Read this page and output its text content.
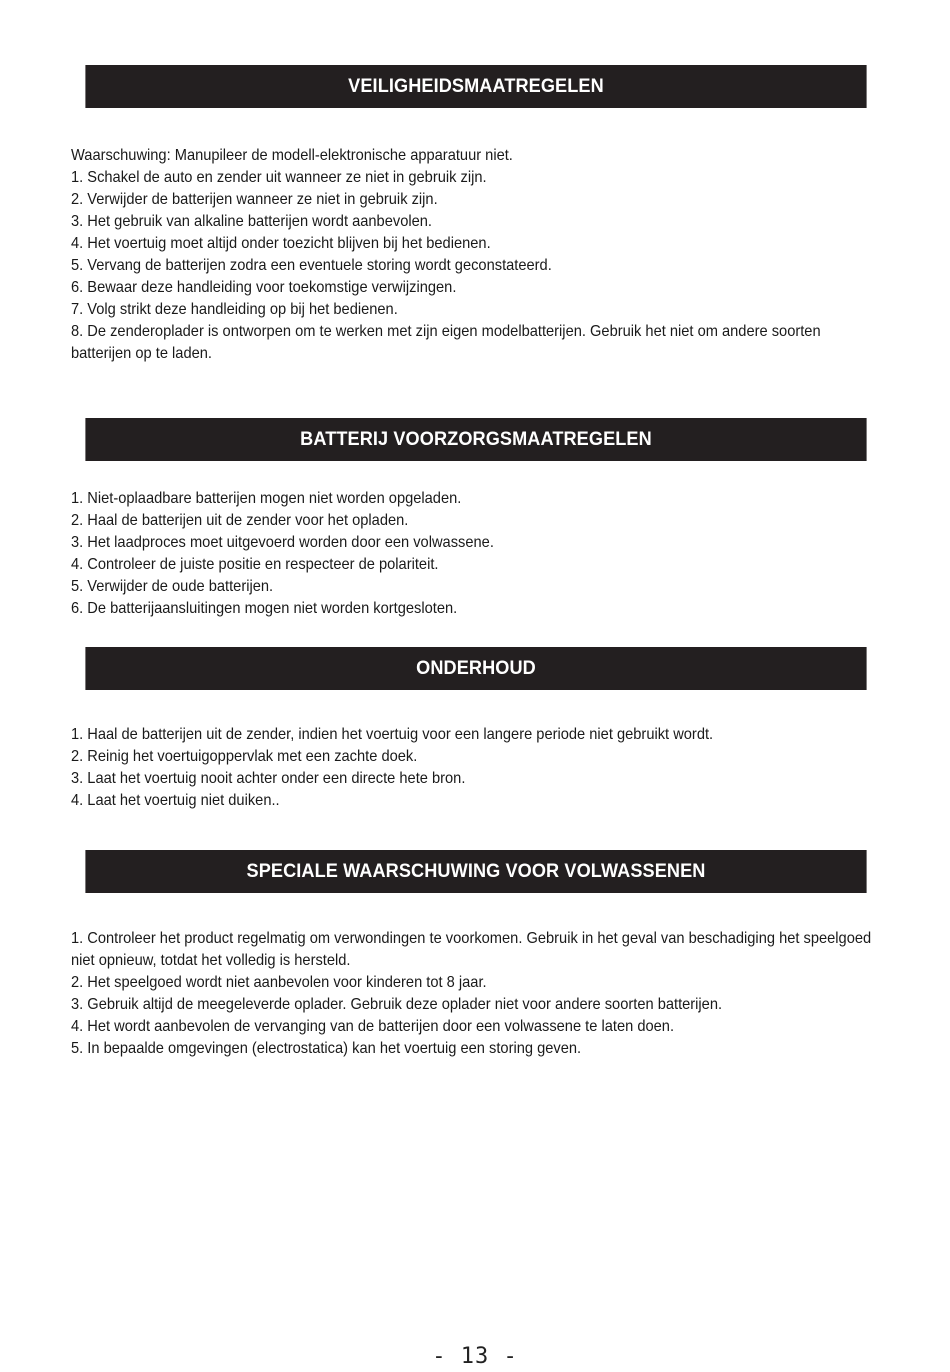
VEILIGHEIDSMAATREGELEN
Waarschuwing: Manupileer de modell-elektronische apparatuur niet.
1. Schakel de auto en zender uit wanneer ze niet in gebruik zijn.
2. Verwijder de batterijen wanneer ze niet in gebruik zijn.
3. Het gebruik van alkaline batterijen wordt aanbevolen.
4. Het voertuig moet altijd onder toezicht blijven bij het bedienen.
5. Vervang de batterijen zodra een eventuele storing wordt geconstateerd.
6. Bewaar deze handleiding voor toekomstige verwijzingen.
7. Volg strikt deze handleiding op bij het bedienen.
8. De zenderoplader is ontworpen om te werken met zijn eigen modelbatterijen. Gebruik het niet om andere soorten
batterijen op te laden.
BATTERIJ VOORZORGSMAATREGELEN
1. Niet-oplaadbare batterijen mogen niet worden opgeladen.
2. Haal de batterijen uit de zender voor het opladen.
3. Het laadproces moet uitgevoerd worden door een volwassene.
4. Controleer de juiste positie en respecteer de polariteit.
5. Verwijder de oude batterijen.
6. De batterijaansluitingen mogen niet worden kortgesloten.
ONDERHOUD
1. Haal de batterijen uit de zender, indien het voertuig voor een langere periode niet gebruikt wordt.
2. Reinig het voertuigoppervlak met een zachte doek.
3. Laat het voertuig nooit achter onder een directe hete bron.
4. Laat het voertuig niet duiken..
SPECIALE WAARSCHUWING VOOR VOLWASSENEN
1. Controleer het product regelmatig om verwondingen te voorkomen. Gebruik in het geval van beschadiging het speelgoed
niet opnieuw, totdat het volledig is hersteld.
2. Het speelgoed wordt niet aanbevolen voor kinderen tot 8 jaar.
3. Gebruik altijd de meegeleverde oplader. Gebruik deze oplader niet voor andere soorten batterijen.
4. Het wordt aanbevolen de vervanging van de batterijen door een volwassene te laten doen.
5. In bepaalde omgevingen (electrostatica) kan het voertuig een storing geven.
- 13 -
